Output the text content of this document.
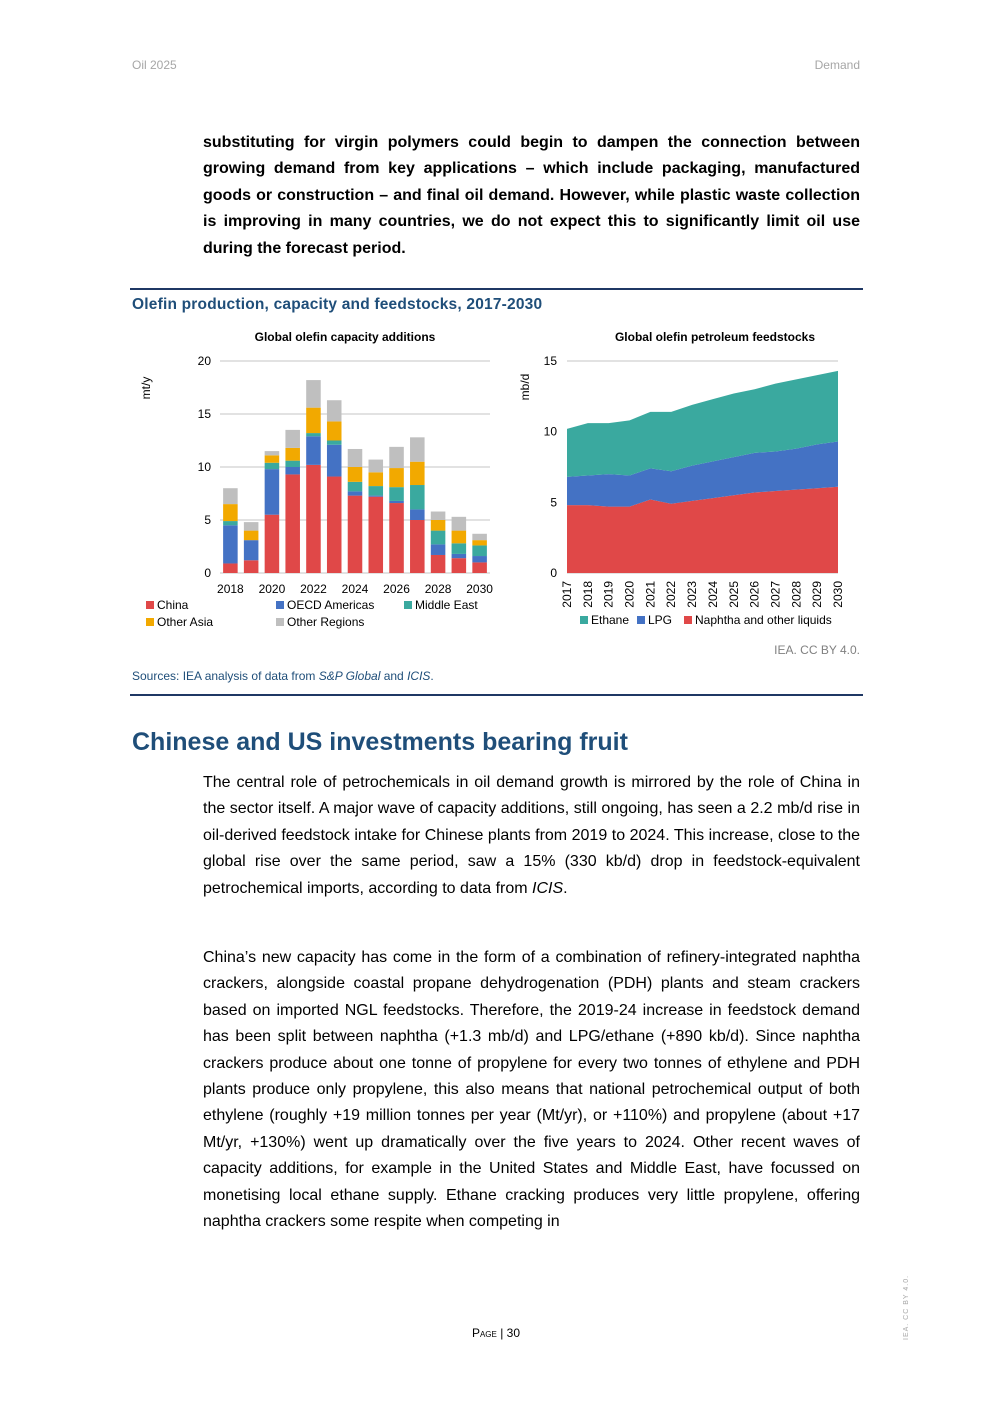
Oil 2025	Demand

substituting for virgin polymers could begin to dampen the connection between growing demand from key applications – which include packaging, manufactured goods or construction – and final oil demand. However, while plastic waste collection is improving in many countries, we do not expect this to significantly limit oil use during the forecast period.

Olefin production, capacity and feedstocks, 2017-2030
Global olefin capacity additions
0
5
10
15
20
mt/y
2018 2020 2022 2024 2026 2028 2030
Global olefin petroleum feedstocks
0
5
10
15
mb/d
2017 2018 2019 2020 2021 2022 2023 2024 2025 2026 2027 2028 2029 2030
China	OECD Americas	Middle East
Other Asia	Other Regions	Ethane	LPG	Naphtha and other liquids
IEA. CC BY 4.0.
Sources: IEA analysis of data from S&P Global and ICIS.
Chinese and US investments bearing fruit

The central role of petrochemicals in oil demand growth is mirrored by the role of China in the sector itself. A major wave of capacity additions, still ongoing, has seen a 2.2 mb/d rise in oil-derived feedstock intake for Chinese plants from 2019 to 2024. This increase, close to the global rise over the same period, saw a 15% (330 kb/d) drop in feedstock-equivalent petrochemical imports, according to data from ICIS.

China’s new capacity has come in the form of a combination of refinery-integrated naphtha crackers, alongside coastal propane dehydrogenation (PDH) plants and steam crackers based on imported NGL feedstocks. Therefore, the 2019-24 increase in feedstock demand has been split between naphtha (+1.3 mb/d) and LPG/ethane (+890 kb/d). Since naphtha crackers produce about one tonne of propylene for every two tonnes of ethylene and PDH plants produce only propylene, this also means that national petrochemical output of both ethylene (roughly +19 million tonnes per year (Mt/yr), or +110%) and propylene (about +17 Mt/yr, +130%) went up dramatically over the five years to 2024. Other recent waves of capacity additions, for example in the United States and Middle East, have focussed on monetising local ethane supply. Ethane cracking produces very little propylene, offering naphtha crackers some respite when competing in

Page | 30	IEA. CC BY 4.0.
